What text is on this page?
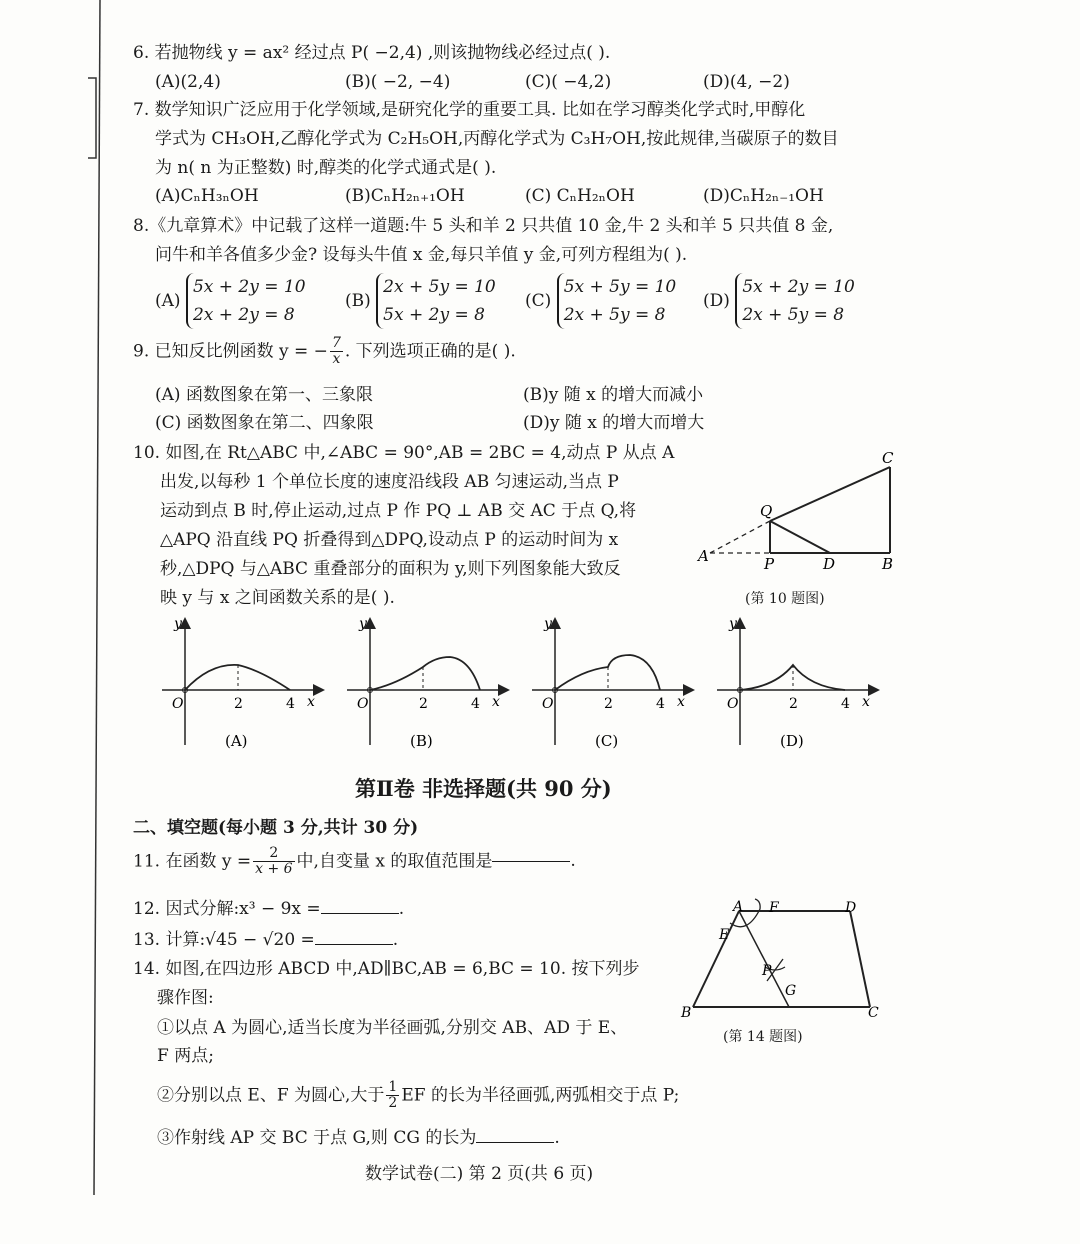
6. 若抛物线 y = ax² 经过点 P( −2,4) ,则该抛物线必经过点( ).
(A)(2,4)	(B)( −2, −4)	(C)( −4,2)	(D)(4, −2)
7. 数学知识广泛应用于化学领域,是研究化学的重要工具. 比如在学习醇类化学式时,甲醇化
学式为 CH₃OH,乙醇化学式为 C₂H₅OH,丙醇化学式为 C₃H₇OH,按此规律,当碳原子的数目
为 n( n 为正整数) 时,醇类的化学式通式是( ).
(A)CₙH₃ₙOH	(B)CₙH₂ₙ₊₁OH	(C) CₙH₂ₙOH	(D)CₙH₂ₙ₋₁OH
8.《九章算术》中记载了这样一道题:牛 5 头和羊 2 只共值 10 金,牛 2 头和羊 5 只共值 8 金,
问牛和羊各值多少金? 设每头牛值 x 金,每只羊值 y 金,可列方程组为( ).
(A)
5x + 2y = 10
2x + 2y = 8
(B)
2x + 5y = 10
5x + 2y = 8
(C)
5x + 5y = 10
2x + 5y = 8
(D)
5x + 2y = 10
2x + 5y = 8
9. 已知反比例函数 y = − $\frac{7}{x}$ . 下列选项正确的是( ).
(A) 函数图象在第一、三象限	(B)y 随 x 的增大而减小
(C) 函数图象在第二、四象限	(D)y 随 x 的增大而增大
10. 如图,在 Rt△ABC 中,∠ABC = 90°,AB = 2BC = 4,动点 P 从点 A
出发,以每秒 1 个单位长度的速度沿线段 AB 匀速运动,当点 P
运动到点 B 时,停止运动,过点 P 作 PQ ⊥ AB 交 AC 于点 Q,将
△APQ 沿直线 PQ 折叠得到△DPQ,设动点 P 的运动时间为 x
秒,△DPQ 与△ABC 重叠部分的面积为 y,则下列图象能大致反
映 y 与 x 之间函数关系的是( ).
A	P	D	B
Q
C
(第 10 题图)
y
O	2	4 x
(A)
y
O	2	4 x
(B)
y
O	2	4 x
(C)
y
O	2	4 x
(D)
第Ⅱ卷 非选择题(共 90 分)
二、填空题(每小题 3 分,共计 30 分)
11. 在函数 $y = \frac{2}{x + 6}$ 中,自变量 x 的取值范围是	.
12. 因式分解:x³ − 9x =	.
13. 计算:√45 − √20 =	.
14. 如图,在四边形 ABCD 中,AD∥BC,AB = 6,BC = 10. 按下列步
骤作图:
①以点 A 为圆心,适当长度为半径画弧,分别交 AB、AD 于 E、
F 两点;
②分别以点 E、F 为圆心,大于 $\frac{1}{2}$ EF 的长为半径画弧,两弧相交于点 P;
③作射线 AP 交 BC 于点 G,则 CG 的长为	.
A F	D
E
P
B
G
C
(第 14 题图)
数学试卷(二) 第 2 页(共 6 页)
